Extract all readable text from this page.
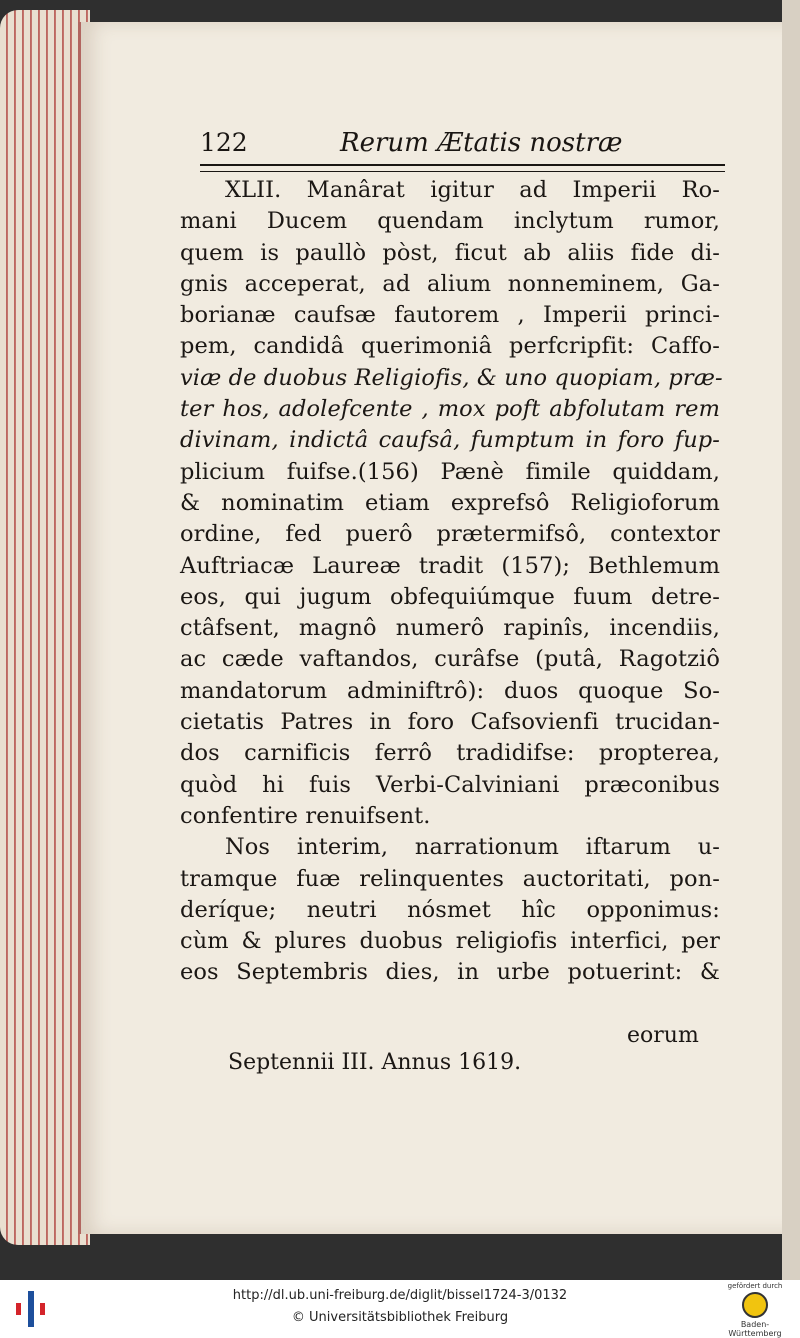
122	Rerum Ætatis nostræ
XLII. Manârat igitur ad Imperii Ro-
mani Ducem quendam inclytum rumor,
quem is paullò pòst, ficut ab aliis fide di-
gnis acceperat, ad alium nonneminem, Ga-
borianæ caufsæ fautorem , Imperii princi-
pem, candidâ querimoniâ perfcripfit: Caffo-
viæ de duobus Religiofis, & uno quopiam, præ-
ter hos, adolefcente , mox poft abfolutam rem
divinam, indictâ caufsâ, fumptum in foro fup-
plicium fuifse.(156) Pænè fimile quiddam,
& nominatim etiam exprefsô Religioforum
ordine, fed puerô prætermifsô, contextor
Auftriacæ Laureæ tradit (157); Bethlemum
eos, qui jugum obfequiúmque fuum detre-
ctâfsent, magnô numerô rapinîs, incendiis,
ac cæde vaftandos, curâfse (putâ, Ragotziô
mandatorum adminiftrô): duos quoque So-
cietatis Patres in foro Cafsovienfi trucidan-
dos carnificis ferrô tradidifse: propterea,
quòd hi fuis Verbi-Calviniani præconibus
confentire renuifsent.
Nos interim, narrationum iftarum u-
tramque fuæ relinquentes auctoritati, pon-
deríque; neutri nósmet hîc opponimus:
cùm & plures duobus religiofis interfici, per
eos Septembris dies, in urbe potuerint: &
eorum
Septennii III. Annus 1619.
http://dl.ub.uni-freiburg.de/diglit/bissel1724-3/0132
© Universitätsbibliothek Freiburg
gefördert durch
Baden-Württemberg
